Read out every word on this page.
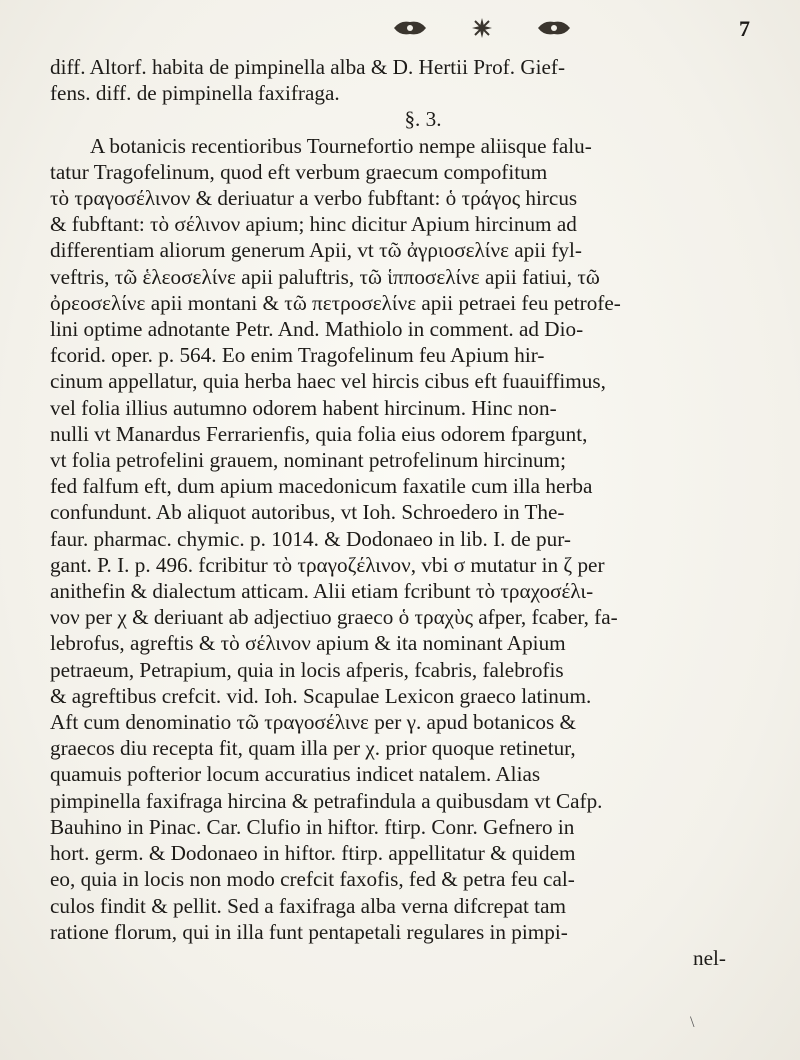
7
diff. Altorf. habita de pimpinella alba & D. Hertii Prof. Gief-
fens. diff. de pimpinella faxifraga.
§. 3.
A botanicis recentioribus Tournefortio nempe aliisque falu-
tatur Tragofelinum, quod eft verbum graecum compofitum
τὸ τραγοσέλινον & deriuatur a verbo fubftant: ὁ τράγος hircus
& fubftant: τὸ σέλινον apium; hinc dicitur Apium hircinum ad
differentiam aliorum generum Apii, vt τῶ ἀγριοσελίνε apii fyl-
veftris, τῶ ἑλεοσελίνε apii paluftris, τῶ ἱπποσελίνε apii fatiui, τῶ
ὀρεοσελίνε apii montani & τῶ πετροσελίνε apii petraei feu petrofe-
lini optime adnotante Petr. And. Mathiolo in comment. ad Dio-
fcorid. oper. p. 564. Eo enim Tragofelinum feu Apium hir-
cinum appellatur, quia herba haec vel hircis cibus eft fuauiffimus,
vel folia illius autumno odorem habent hircinum. Hinc non-
nulli vt Manardus Ferrarienfis, quia folia eius odorem fpargunt,
vt folia petrofelini grauem, nominant petrofelinum hircinum;
fed falfum eft, dum apium macedonicum faxatile cum illa herba
confundunt. Ab aliquot autoribus, vt Ioh. Schroedero in The-
faur. pharmac. chymic. p. 1014. & Dodonaeo in lib. I. de pur-
gant. P. I. p. 496. fcribitur τὸ τραγοζέλινον, vbi σ mutatur in ζ per
anithefin & dialectum atticam. Alii etiam fcribunt τὸ τραχοσέλι-
νον per χ & deriuant ab adjectiuo graeco ὁ τραχὺς afper, fcaber, fa-
lebrofus, agreftis & τὸ σέλινον apium & ita nominant Apium
petraeum, Petrapium, quia in locis afperis, fcabris, falebrofis
& agreftibus crefcit. vid. Ioh. Scapulae Lexicon graeco latinum.
Aft cum denominatio τῶ τραγοσέλινε per γ. apud botanicos &
graecos diu recepta fit, quam illa per χ. prior quoque retinetur,
quamuis pofterior locum accuratius indicet natalem. Alias
pimpinella faxifraga hircina & petrafindula a quibusdam vt Cafp.
Bauhino in Pinac. Car. Clufio in hiftor. ftirp. Conr. Gefnero in
hort. germ. & Dodonaeo in hiftor. ftirp. appellitatur & quidem
eo, quia in locis non modo crefcit faxofis, fed & petra feu cal-
culos findit & pellit. Sed a faxifraga alba verna difcrepat tam
ratione florum, qui in illa funt pentapetali regulares in pimpi-
nel-
\
